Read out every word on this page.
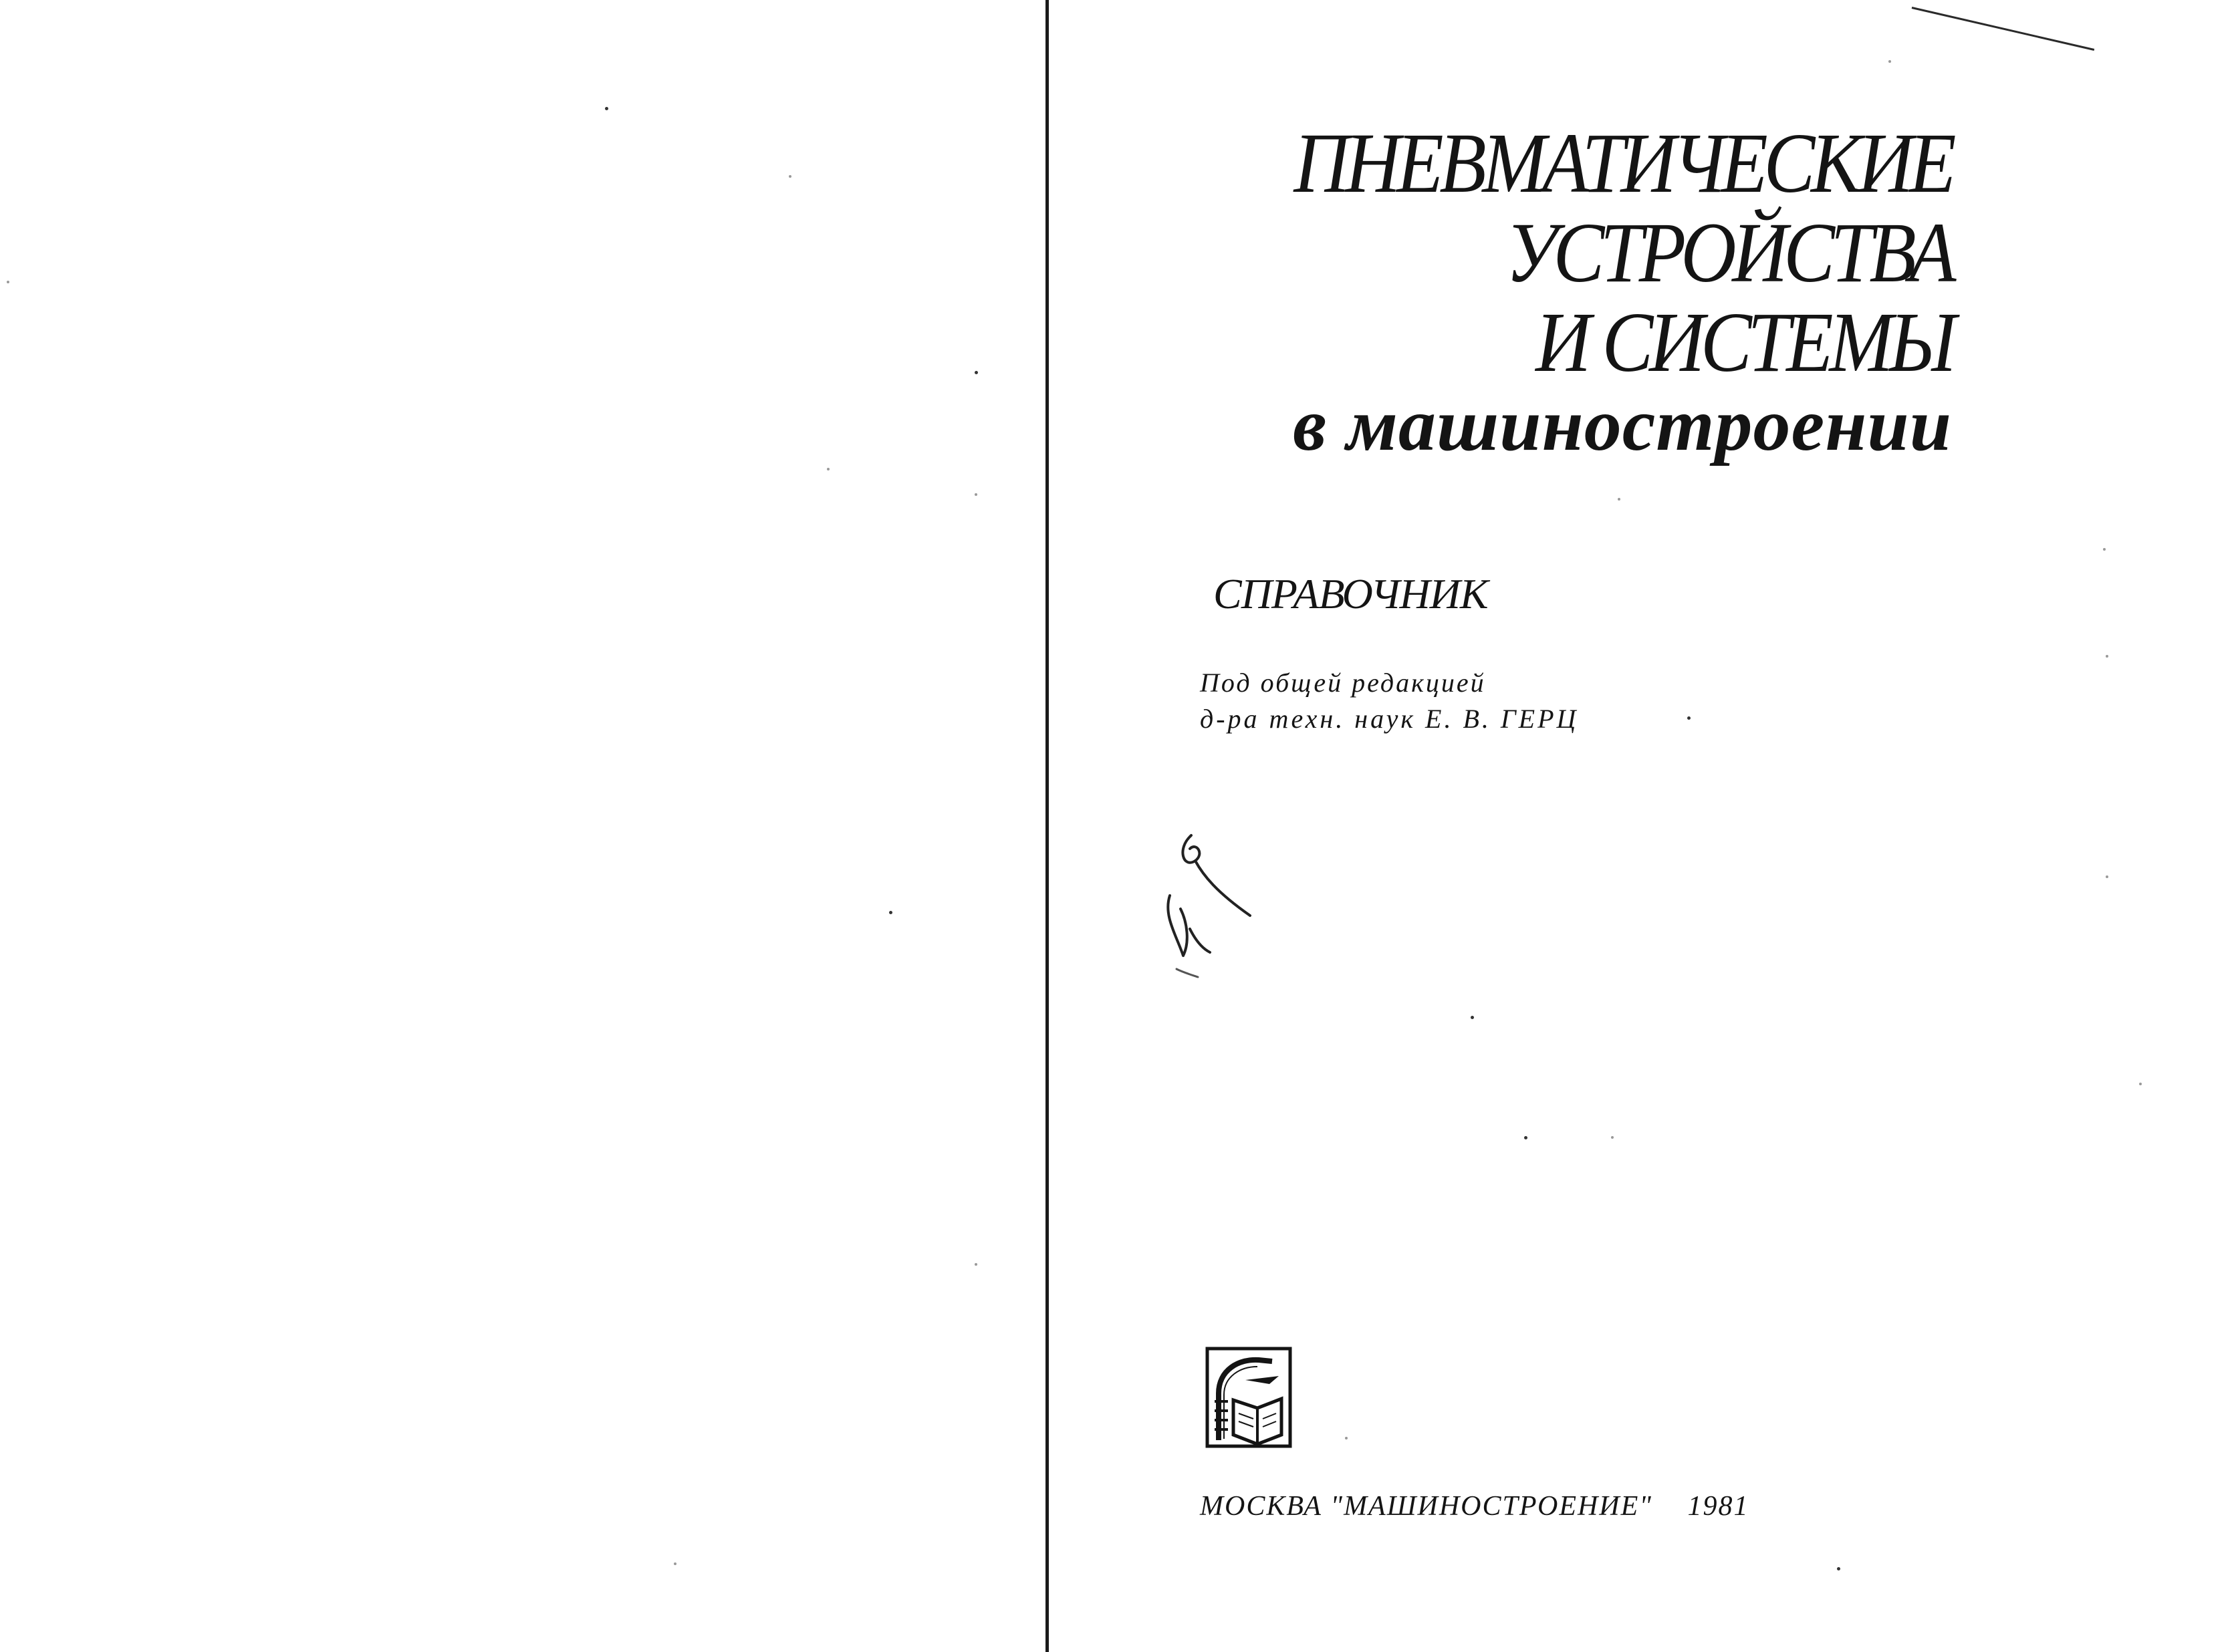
ПНЕВМАТИЧЕСКИЕ
УСТРОЙСТВА
И СИСТЕМЫ
в машиностроении
СПРАВОЧНИК
Под общей редакцией
д-ра техн. наук Е. В. ГЕРЦ
МОСКВА "МАШИНОСТРОЕНИЕ" 1981
